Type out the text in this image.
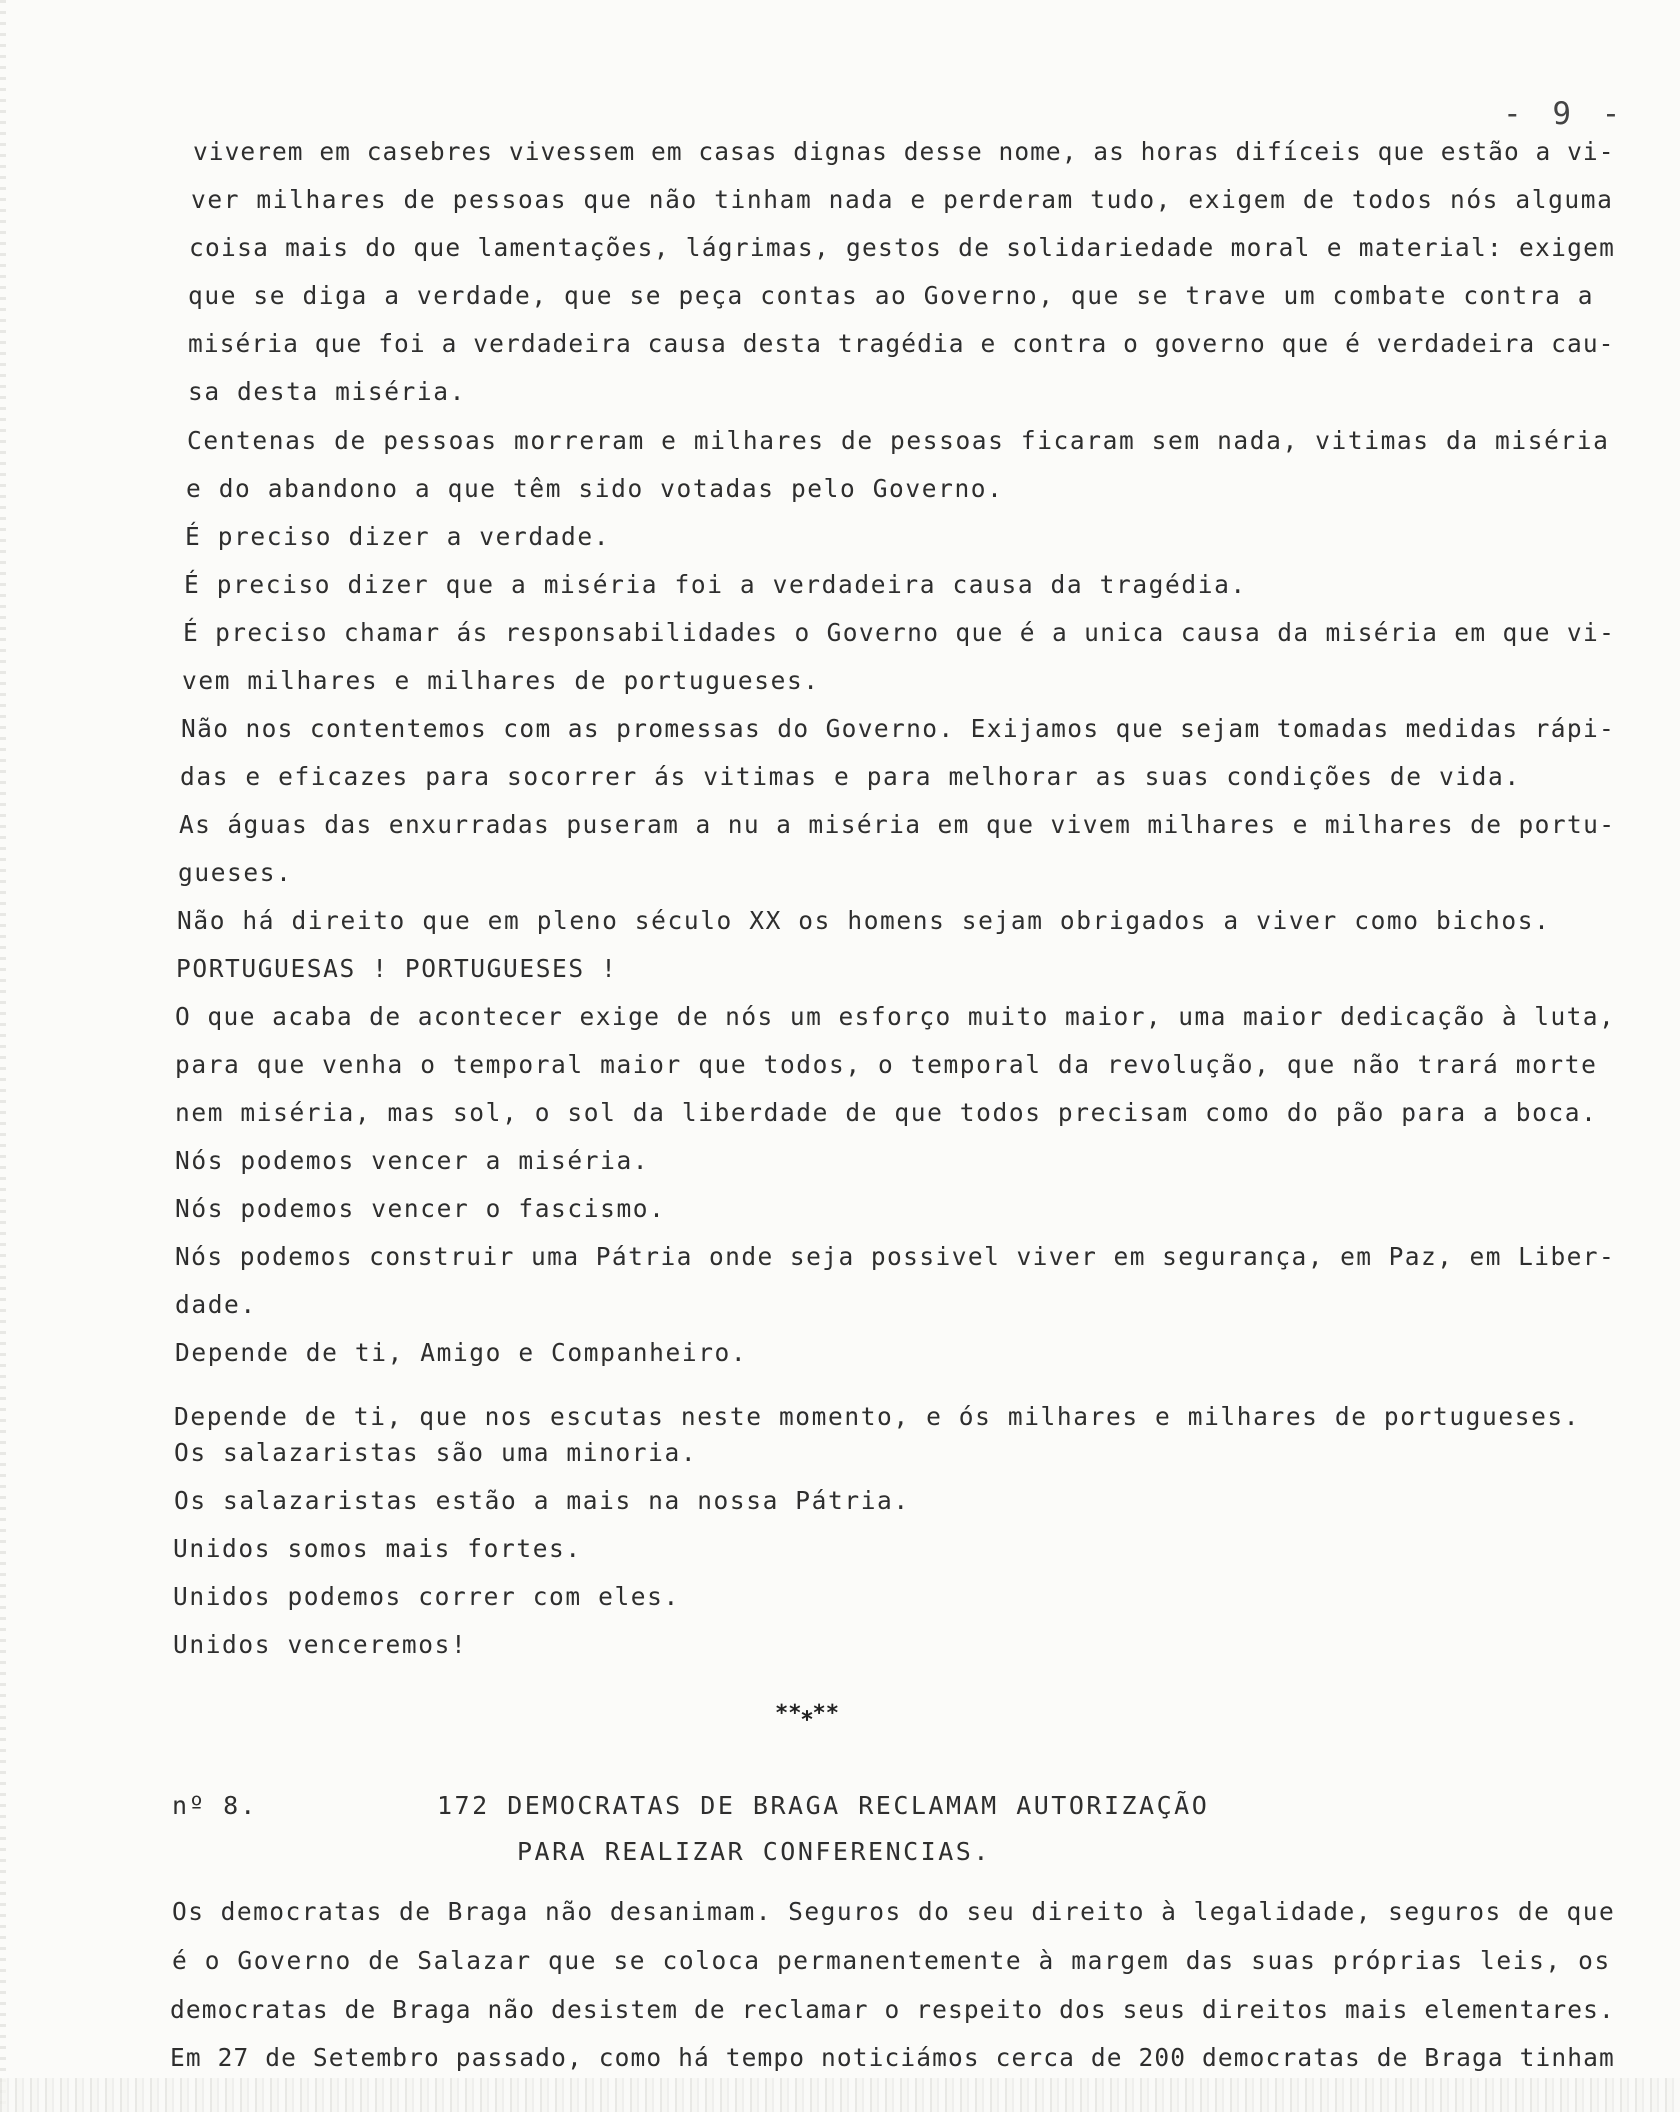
- 9 -
viverem em casebres vivessem em casas dignas desse nome, as horas difíceis que estão a vi-
ver milhares de pessoas que não tinham nada e perderam tudo, exigem de todos nós alguma
coisa mais do que lamentações, lágrimas, gestos de solidariedade moral e material: exigem
que se diga a verdade, que se peça contas ao Governo, que se trave um combate contra a
miséria que foi a verdadeira causa desta tragédia e contra o governo que é verdadeira cau-
sa desta miséria.
Centenas de pessoas morreram e milhares de pessoas ficaram sem nada, vitimas da miséria
e do abandono a que têm sido votadas pelo Governo.
É preciso dizer a verdade.
É preciso dizer que a miséria foi a verdadeira causa da tragédia.
É preciso chamar ás responsabilidades o Governo que é a unica causa da miséria em que vi-
vem milhares e milhares de portugueses.
Não nos contentemos com as promessas do Governo. Exijamos que sejam tomadas medidas rápi-
das e eficazes para socorrer ás vitimas e para melhorar as suas condições de vida.
As águas das enxurradas puseram a nu a miséria em que vivem milhares e milhares de portu-
gueses.
Não há direito que em pleno século XX os homens sejam obrigados a viver como bichos.
PORTUGUESAS ! PORTUGUESES !
O que acaba de acontecer exige de nós um esforço muito maior, uma maior dedicação à luta,
para que venha o temporal maior que todos, o temporal da revolução, que não trará morte
nem miséria, mas sol, o sol da liberdade de que todos precisam como do pão para a boca.
Nós podemos vencer a miséria.
Nós podemos vencer o fascismo.
Nós podemos construir uma Pátria onde seja possivel viver em segurança, em Paz, em Liber-
dade.
Depende de ti, Amigo e Companheiro.
Depende de ti, que nos escutas neste momento, e ós milhares e milhares de portugueses.
Os salazaristas são uma minoria.
Os salazaristas estão a mais na nossa Pátria.
Unidos somos mais fortes.
Unidos podemos correr com eles.
Unidos venceremos!
**⁎**
nº 8.	172 DEMOCRATAS DE BRAGA RECLAMAM AUTORIZAÇÃO
PARA REALIZAR CONFERENCIAS.
Os democratas de Braga não desanimam. Seguros do seu direito à legalidade, seguros de que
é o Governo de Salazar que se coloca permanentemente à margem das suas próprias leis, os
democratas de Braga não desistem de reclamar o respeito dos seus direitos mais elementares.
Em 27 de Setembro passado, como há tempo noticiámos cerca de 200 democratas de Braga tinham
